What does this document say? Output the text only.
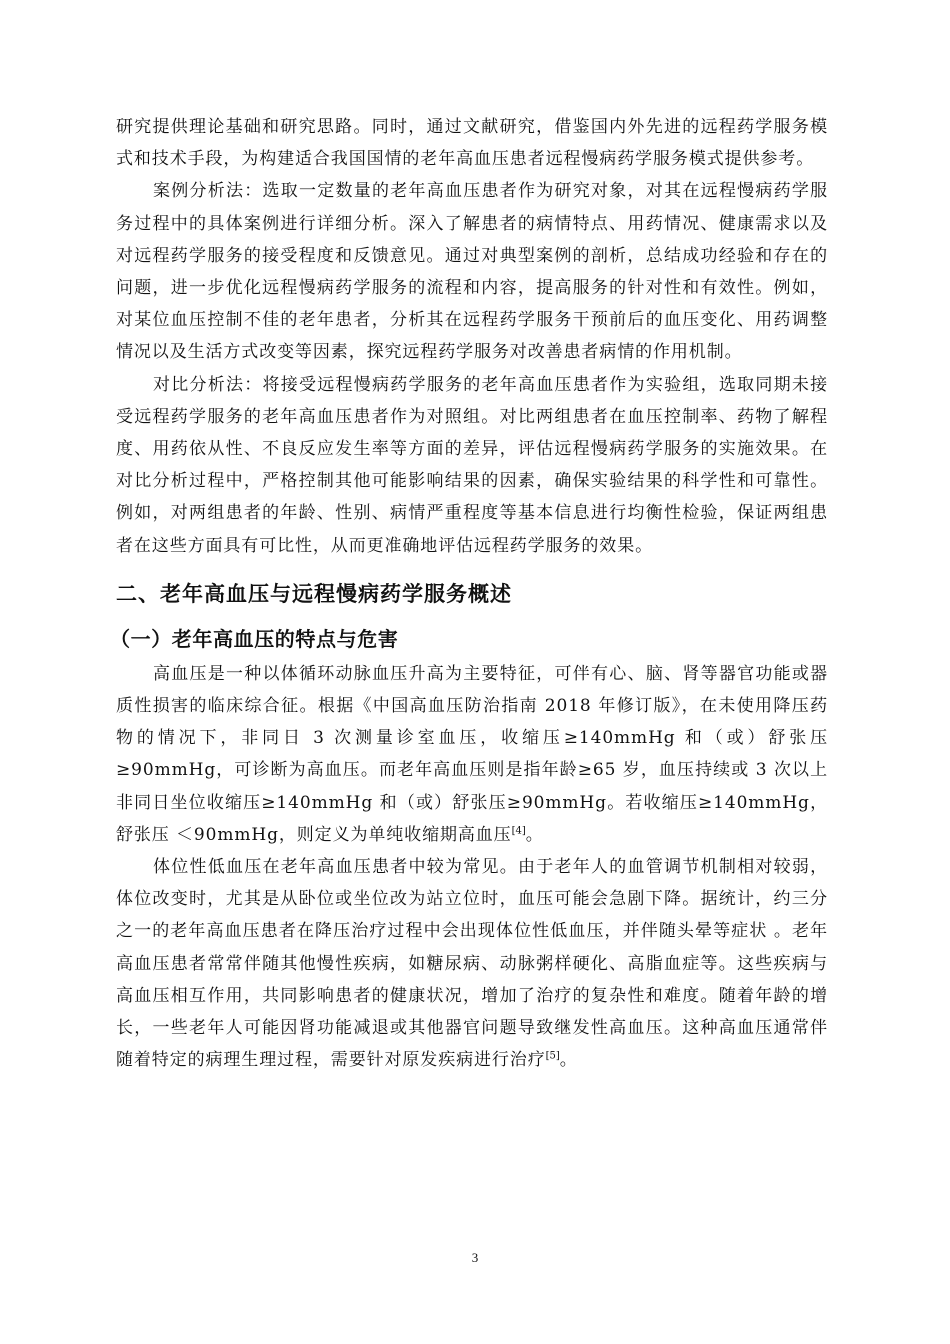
研究提供理论基础和研究思路。同时，通过文献研究，借鉴国内外先进的远程药学服务模式和技术手段，为构建适合我国国情的老年高血压患者远程慢病药学服务模式提供参考。

案例分析法：选取一定数量的老年高血压患者作为研究对象，对其在远程慢病药学服务过程中的具体案例进行详细分析。深入了解患者的病情特点、用药情况、健康需求以及对远程药学服务的接受程度和反馈意见。通过对典型案例的剖析，总结成功经验和存在的问题，进一步优化远程慢病药学服务的流程和内容，提高服务的针对性和有效性。例如，对某位血压控制不佳的老年患者，分析其在远程药学服务干预前后的血压变化、用药调整情况以及生活方式改变等因素，探究远程药学服务对改善患者病情的作用机制。

对比分析法：将接受远程慢病药学服务的老年高血压患者作为实验组，选取同期未接受远程药学服务的老年高血压患者作为对照组。对比两组患者在血压控制率、药物了解程度、用药依从性、不良反应发生率等方面的差异，评估远程慢病药学服务的实施效果。在对比分析过程中，严格控制其他可能影响结果的因素，确保实验结果的科学性和可靠性。例如，对两组患者的年龄、性别、病情严重程度等基本信息进行均衡性检验，保证两组患者在这些方面具有可比性，从而更准确地评估远程药学服务的效果。

二、老年高血压与远程慢病药学服务概述
（一）老年高血压的特点与危害

高血压是一种以体循环动脉血压升高为主要特征，可伴有心、脑、肾等器官功能或器质性损害的临床综合征。根据《中国高血压防治指南 2018 年修订版》，在未使用降压药物的情况下，非同日 3 次测量诊室血压，收缩压≥140mmHg 和（或）舒张压≥90mmHg，可诊断为高血压。而老年高血压则是指年龄≥65 岁，血压持续或 3 次以上非同日坐位收缩压≥140mmHg 和（或）舒张压≥90mmHg。若收缩压≥140mmHg，舒张压 ＜90mmHg，则定义为单纯收缩期高血压[4]。

体位性低血压在老年高血压患者中较为常见。由于老年人的血管调节机制相对较弱，体位改变时，尤其是从卧位或坐位改为站立位时，血压可能会急剧下降。据统计，约三分之一的老年高血压患者在降压治疗过程中会出现体位性低血压，并伴随头晕等症状 。老年高血压患者常常伴随其他慢性疾病，如糖尿病、动脉粥样硬化、高脂血症等。这些疾病与高血压相互作用，共同影响患者的健康状况，增加了治疗的复杂性和难度。随着年龄的增长，一些老年人可能因肾功能减退或其他器官问题导致继发性高血压。这种高血压通常伴随着特定的病理生理过程，需要针对原发疾病进行治疗[5]。

3
